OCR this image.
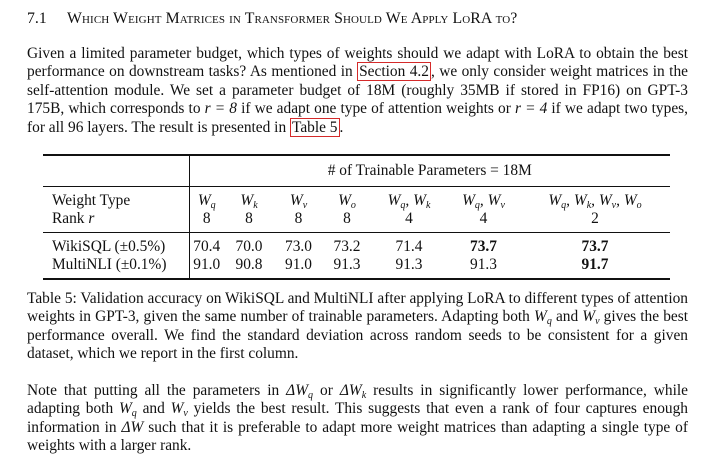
7.1 Which Weight Matrices in Transformer Should We Apply LoRA to?

Given a limited parameter budget, which types of weights should we adapt with LoRA to obtain the best performance on downstream tasks? As mentioned in Section 4.2 , we only consider weight matrices in the self-attention module. We set a parameter budget of 18M (roughly 35MB if stored in FP16) on GPT-3 175B, which corresponds to r = 8 if we adapt one type of attention weights or r = 4 if we adapt two types, for all 96 layers. The result is presented in Table 5 .

	# of Trainable Parameters = 18M						
Weight Type	$W_q$	$W_k$	$W_v$	$W_o$	$W_q$, $W_k$	$W_q$, $W_v$	$W_q$, $W_k$, $W_v$, $W_o$
Rank r	8	8	8	8	4	4	2
WikiSQL (±0.5%)	70.4	70.0	73.0	73.2	71.4	73.7	73.7
MultiNLI (±0.1%)	91.0	90.8	91.0	91.3	91.3	91.3	91.7

Table 5: Validation accuracy on WikiSQL and MultiNLI after applying LoRA to different types of attention weights in GPT-3, given the same number of trainable parameters. Adapting both $W_q$ and $W_v$ gives the best performance overall. We find the standard deviation across random seeds to be consistent for a given dataset, which we report in the first column.

Note that putting all the parameters in $\Delta W_q$ or $\Delta W_k$ results in significantly lower performance, while adapting both $W_q$ and $W_v$ yields the best result. This suggests that even a rank of four captures enough information in ΔW such that it is preferable to adapt more weight matrices than adapting a single type of weights with a larger rank.
